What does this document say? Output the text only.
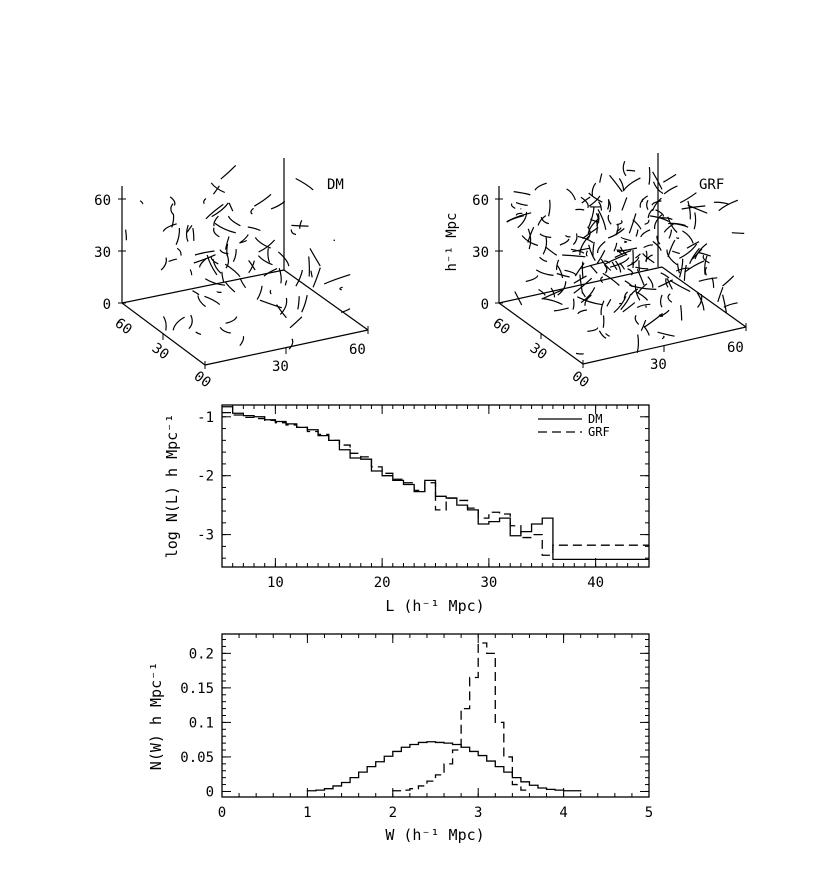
DM
0
30
60
60
30
00
30
60
GRF
h⁻¹ Mpc
0
30
60
60
30
00
30
60
10	20	30	40
-1
-2
-3
DM
GRF
L (h⁻¹ Mpc)
log N(L) h Mpc⁻¹
0	1	2	3	4	5
0
0.05
0.1
0.15
0.2
W (h⁻¹ Mpc)
N(W) h Mpc⁻¹
